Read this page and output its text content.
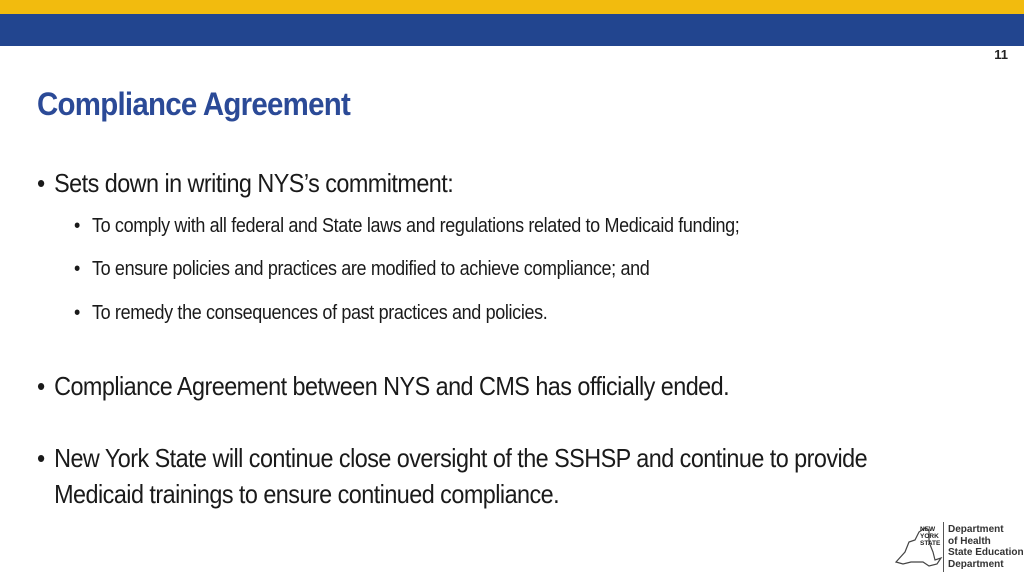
11
Compliance Agreement
• Sets down in writing NYS’s commitment:
• To comply with all federal and State laws and regulations related to Medicaid funding;
• To ensure policies and practices are modified to achieve compliance; and
• To remedy the consequences of past practices and policies.
• Compliance Agreement between NYS and CMS has officially ended.
• New York State will continue close oversight of the SSHSP and continue to provide
Medicaid trainings to ensure continued compliance.
NEW
YORK
STATE
Department
of Health
State Education
Department
